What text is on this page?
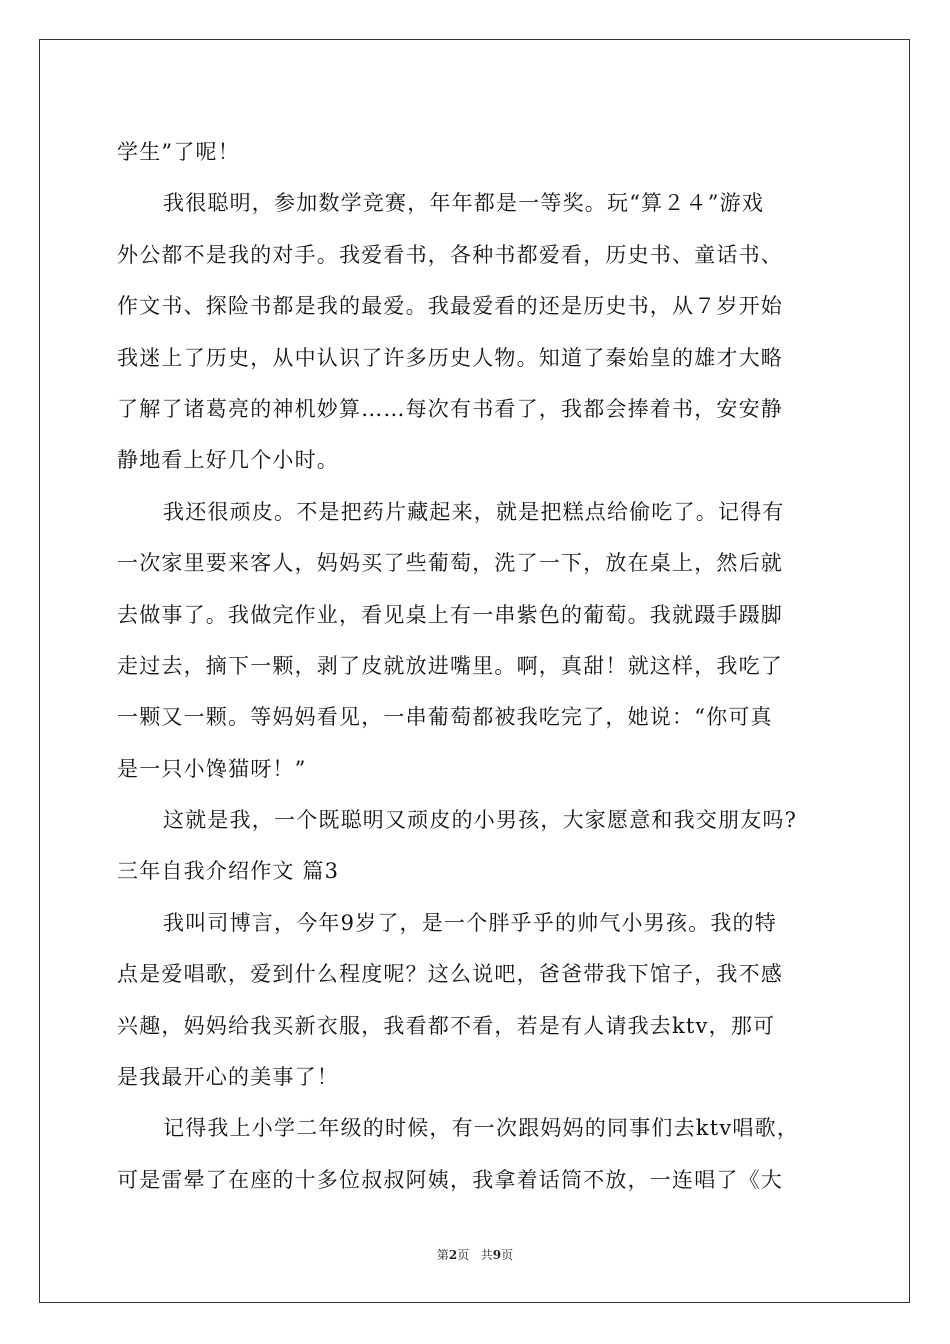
学生”了呢！
我很聪明，参加数学竞赛，年年都是一等奖。玩“算２４”游戏
外公都不是我的对手。我爱看书，各种书都爱看，历史书、童话书、
作文书、探险书都是我的最爱。我最爱看的还是历史书，从７岁开始
我迷上了历史，从中认识了许多历史人物。知道了秦始皇的雄才大略
了解了诸葛亮的神机妙算……每次有书看了，我都会捧着书，安安静
静地看上好几个小时。
我还很顽皮。不是把药片藏起来，就是把糕点给偷吃了。记得有
一次家里要来客人，妈妈买了些葡萄，洗了一下，放在桌上，然后就
去做事了。我做完作业，看见桌上有一串紫色的葡萄。我就蹑手蹑脚
走过去，摘下一颗，剥了皮就放进嘴里。啊，真甜！就这样，我吃了
一颗又一颗。等妈妈看见，一串葡萄都被我吃完了，她说：“你可真
是一只小馋猫呀！”
这就是我，一个既聪明又顽皮的小男孩，大家愿意和我交朋友吗?
三年自我介绍作文 篇3
我叫司博言，今年9岁了，是一个胖乎乎的帅气小男孩。我的特
点是爱唱歌，爱到什么程度呢？这么说吧，爸爸带我下馆子，我不感
兴趣，妈妈给我买新衣服，我看都不看，若是有人请我去ktv，那可
是我最开心的美事了！
记得我上小学二年级的时候，有一次跟妈妈的同事们去ktv唱歌，
可是雷晕了在座的十多位叔叔阿姨，我拿着话筒不放，一连唱了《大
第2页 共9页
